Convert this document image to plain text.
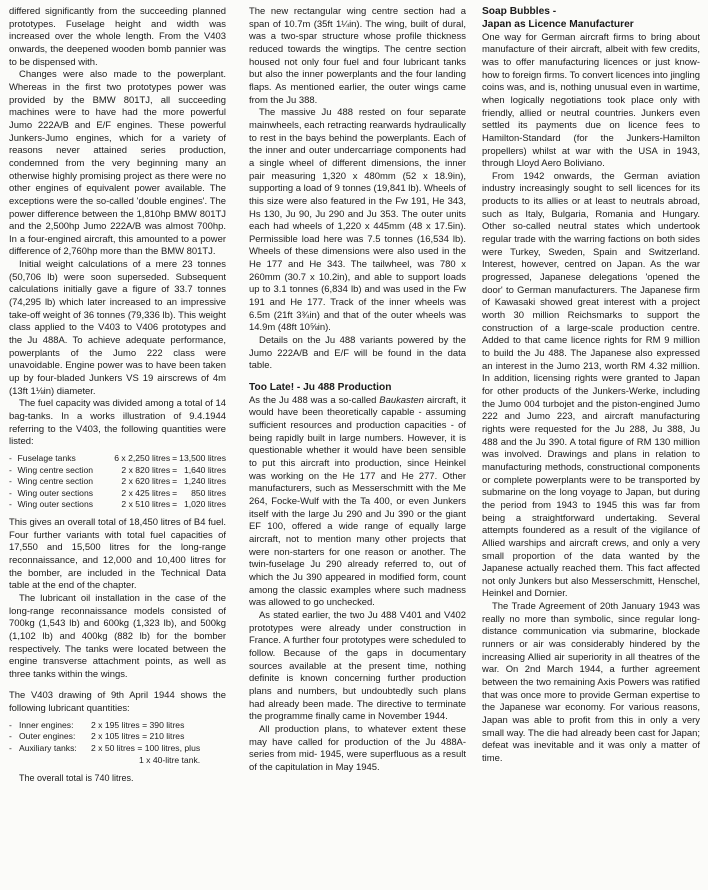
differed significantly from the succeeding planned prototypes. Fuselage height and width was increased over the whole length. From the V403 onwards, the deepened wooden bomb pannier was to be dispensed with.

Changes were also made to the powerplant. Whereas in the first two prototypes power was provided by the BMW 801TJ, all succeeding machines were to have had the more powerful Jumo 222A/B and E/F engines. These powerful Junkers-Jumo engines, which for a variety of reasons never attained series production, condemned from the very beginning many an otherwise highly promising project as there were no other engines of equivalent power available. The exceptions were the so-called 'double engines'. The power difference between the 1,810hp BMW 801TJ and the 2,500hp Jumo 222A/B was almost 700hp. In a four-engined aircraft, this amounted to a power difference of 2,760hp more than the BMW 801TJ.

Initial weight calculations of a mere 23 tonnes (50,706 lb) were soon superseded. Subsequent calculations initially gave a figure of 33.7 tonnes (74,295 lb) which later increased to an impressive take-off weight of 36 tonnes (79,336 lb). This weight class applied to the V403 to V406 prototypes and the Ju 488A. To achieve adequate performance, powerplants of the Jumo 222 class were unavoidable. Engine power was to have been taken up by four-bladed Junkers VS 19 airscrews of 4m (13ft 1⅛in) diameter.

The fuel capacity was divided among a total of 14 bag-tanks. In a works illustration of 9.4.1944 referring to the V403, the following quantities were listed:

-	Fuselage tanks	6 x 2,250 litres	=	13,500 litres
-	Wing centre section	2 x 820 litres	=	1,640 litres
-	Wing centre section	2 x 620 litres	=	1,240 litres
-	Wing outer sections	2 x 425 litres	=	850 litres
-	Wing outer sections	2 x 510 litres	=	1,020 litres

This gives an overall total of 18,450 litres of B4 fuel. Four further variants with total fuel capacities of 17,550 and 15,500 litres for the long-range reconnaissance, and 12,000 and 10,400 litres for the bomber, are included in the Technical Data table at the end of the chapter.

The lubricant oil installation in the case of the long-range reconnaissance models consisted of 700kg (1,543 lb) and 600kg (1,323 lb), and 500kg (1,102 lb) and 400kg (882 lb) for the bomber respectively. The tanks were located between the engine transverse attachment points, as well as three tanks within the wings.

The V403 drawing of 9th April 1944 shows the following lubricant quantities:

-	Inner engines:	2 x 195 litres = 390 litres
-	Outer engines:	2 x 105 litres = 210 litres
-	Auxiliary tanks:	2 x 50 litres = 100 litres, plus
		1 x 40-litre tank.

The overall total is 740 litres.

The new rectangular wing centre section had a span of 10.7m (35ft 1¼in). The wing, built of dural, was a two-spar structure whose profile thickness reduced towards the wingtips. The centre section housed not only four fuel and four lubricant tanks but also the inner powerplants and the four landing flaps. As mentioned earlier, the outer wings came from the Ju 388.

The massive Ju 488 rested on four separate mainwheels, each retracting rearwards hydraulically to rest in the bays behind the powerplants. Each of the inner and outer undercarriage components had a single wheel of different dimensions, the inner pair measuring 1,320 x 480mm (52 x 18.9in), supporting a load of 9 tonnes (19,841 lb). Wheels of this size were also featured in the Fw 191, He 343, Hs 130, Ju 90, Ju 290 and Ju 353. The outer units each had wheels of 1,220 x 445mm (48 x 17.5in). Permissible load here was 7.5 tonnes (16,534 lb). Wheels of these dimensions were also used in the He 177 and He 343. The tailwheel, was 780 x 260mm (30.7 x 10.2in), and able to support loads up to 3.1 tonnes (6,834 lb) and was used in the Fw 191 and He 177. Track of the inner wheels was 6.5m (21ft 3¾in) and that of the outer wheels was 14.9m (48ft 10⅝in).

Details on the Ju 488 variants powered by the Jumo 222A/B and E/F will be found in the data table.

Too Late! - Ju 488 Production

As the Ju 488 was a so-called Baukasten aircraft, it would have been theoretically capable - assuming sufficient resources and production capacities - of being rapidly built in large numbers. However, it is questionable whether it would have been sensible to put this aircraft into production, since Heinkel was working on the He 177 and He 277. Other manufacturers, such as Messerschmitt with the Me 264, Focke-Wulf with the Ta 400, or even Junkers itself with the large Ju 290 and Ju 390 or the giant EF 100, offered a wide range of equally large aircraft, not to mention many other projects that were non-starters for one reason or another. The twin-fuselage Ju 290 already referred to, out of which the Ju 390 appeared in modified form, count among the classic examples where such madness was allowed to go unchecked.

As stated earlier, the two Ju 488 V401 and V402 prototypes were already under construction in France. A further four prototypes were scheduled to follow. Because of the gaps in documentary sources available at the present time, nothing definite is known concerning further production plans and numbers, but undoubtedly such plans had already been made. The directive to terminate the programme finally came in November 1944.

All production plans, to whatever extent these may have called for production of the Ju 488A-series from mid- 1945, were superfluous as a result of the capitulation in May 1945.

Soap Bubbles -
Japan as Licence Manufacturer

One way for German aircraft firms to bring about manufacture of their aircraft, albeit with few credits, was to offer manufacturing licences or just know-how to foreign firms. To convert licences into jingling coins was, and is, nothing unusual even in wartime, when logically negotiations took place only with friendly, allied or neutral countries. Junkers even settled its payments due on licence fees to Hamilton-Standard (for the Junkers-Hamilton propellers) whilst at war with the USA in 1943, through Lloyd Aero Boliviano.

From 1942 onwards, the German aviation industry increasingly sought to sell licences for its products to its allies or at least to neutrals abroad, such as Italy, Bulgaria, Romania and Hungary. Other so-called neutral states which undertook regular trade with the warring factions on both sides were Turkey, Sweden, Spain and Switzerland. Interest, however, centred on Japan. As the war progressed, Japanese delegations 'opened the door' to German manufacturers. The Japanese firm of Kawasaki showed great interest with a project worth 30 million Reichsmarks to support the construction of a large-scale production centre. Added to that came licence rights for RM 9 million to build the Ju 488. The Japanese also expressed an interest in the Jumo 213, worth RM 4.32 million. In addition, licensing rights were granted to Japan for other products of the Junkers-Werke, including the Jumo 004 turbojet and the piston-engined Jumo 222 and Jumo 223, and aircraft manufacturing rights were requested for the Ju 288, Ju 388, Ju 488 and the Ju 390. A total figure of RM 130 million was involved. Drawings and plans in relation to manufacturing methods, constructional components or complete powerplants were to be transported by submarine on the long voyage to Japan, but during the period from 1943 to 1945 this was far from being a straightforward undertaking. Several attempts foundered as a result of the vigilance of Allied warships and aircraft crews, and only a very small proportion of the data wanted by the Japanese actually reached them. This fact affected not only Junkers but also Messerschmitt, Henschel, Heinkel and Dornier.

The Trade Agreement of 20th January 1943 was really no more than symbolic, since regular long-distance communication via submarine, blockade runners or air was considerably hindered by the increasing Allied air superiority in all theatres of the war. On 2nd March 1944, a further agreement between the two remaining Axis Powers was ratified that was once more to provide German expertise to the Japanese war economy. For various reasons, Japan was able to profit from this in only a very small way. The die had already been cast for Japan; defeat was inevitable and it was only a matter of time.
